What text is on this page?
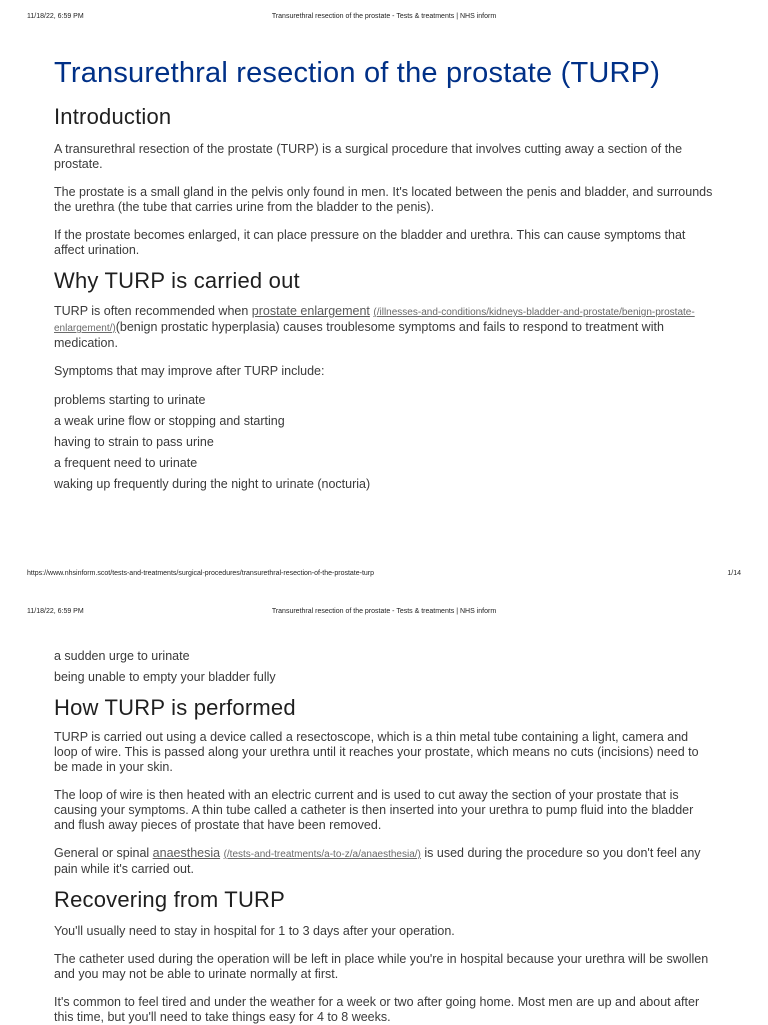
11/18/22, 6:59 PM	Transurethral resection of the prostate - Tests & treatments | NHS inform
Transurethral resection of the prostate (TURP)
Introduction

A transurethral resection of the prostate (TURP) is a surgical procedure that involves cutting away a section of the prostate.

The prostate is a small gland in the pelvis only found in men. It's located between the penis and bladder, and surrounds the urethra (the tube that carries urine from the bladder to the penis).

If the prostate becomes enlarged, it can place pressure on the bladder and urethra. This can cause symptoms that affect urination.

Why TURP is carried out

TURP is often recommended when prostate enlargement (/illnesses-and-conditions/kidneys-bladder-and-prostate/benign-prostate-enlargement/)(benign prostatic hyperplasia) causes troublesome symptoms and fails to respond to treatment with medication.

Symptoms that may improve after TURP include:

problems starting to urinate
a weak urine flow or stopping and starting
having to strain to pass urine
a frequent need to urinate
waking up frequently during the night to urinate (nocturia)
https://www.nhsinform.scot/tests-and-treatments/surgical-procedures/transurethral-resection-of-the-prostate-turp	1/14
11/18/22, 6:59 PM	Transurethral resection of the prostate - Tests & treatments | NHS inform
a sudden urge to urinate
being unable to empty your bladder fully
How TURP is performed

TURP is carried out using a device called a resectoscope, which is a thin metal tube containing a light, camera and loop of wire. This is passed along your urethra until it reaches your prostate, which means no cuts (incisions) need to be made in your skin.

The loop of wire is then heated with an electric current and is used to cut away the section of your prostate that is causing your symptoms. A thin tube called a catheter is then inserted into your urethra to pump fluid into the bladder and flush away pieces of prostate that have been removed.

General or spinal anaesthesia (/tests-and-treatments/a-to-z/a/anaesthesia/) is used during the procedure so you don't feel any pain while it's carried out.

Recovering from TURP

You'll usually need to stay in hospital for 1 to 3 days after your operation.

The catheter used during the operation will be left in place while you're in hospital because your urethra will be swollen and you may not be able to urinate normally at first.

It's common to feel tired and under the weather for a week or two after going home. Most men are up and about after this time, but you'll need to take things easy for 4 to 8 weeks.
